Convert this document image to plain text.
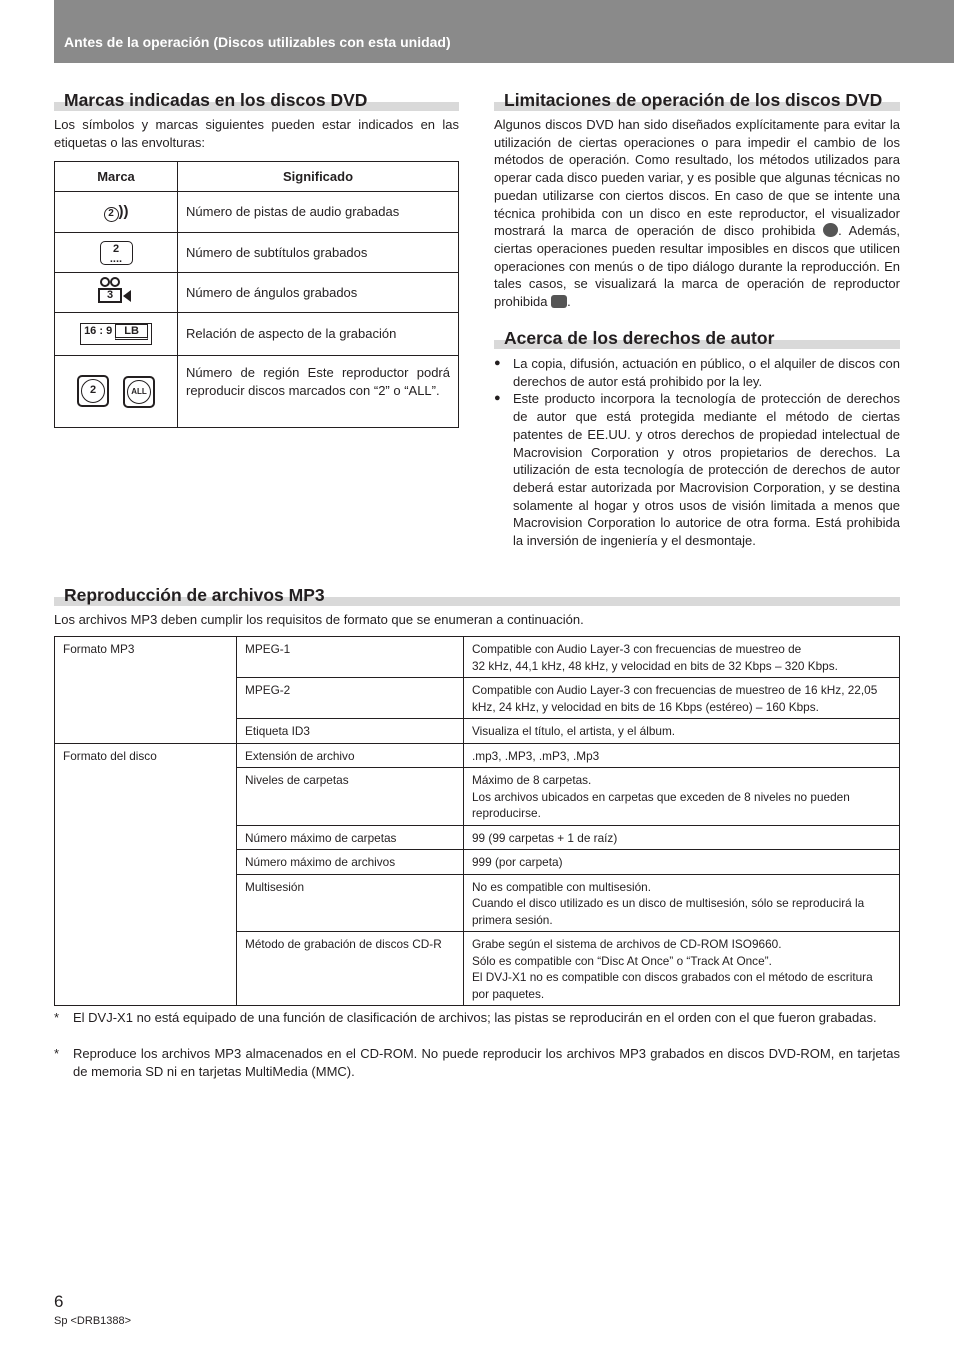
Antes de la operación (Discos utilizables con esta unidad)
Marcas indicadas en los discos DVD
Los símbolos y marcas siguientes pueden estar indicados en las etiquetas o las envolturas:
Marca	Significado
2 ))	Número de pistas de audio grabadas
2
....	Número de subtítulos grabados

3	Número de ángulos grabados
16 : 9 LB	Relación de aspecto de la grabación
2 ALL	Número de región Este reproductor podrá reproducir discos marcados con “2” o “ALL”.
Limitaciones de operación de los discos DVD
Algunos discos DVD han sido diseñados explícitamente para evitar la utilización de ciertas operaciones o para impedir el cambio de los métodos de operación. Como resultado, los métodos utilizados para operar cada disco pueden variar, y es posible que algunas técnicas no puedan utilizarse con ciertos discos. En caso de que se intente una técnica prohibida con un disco en este reproductor, el visualizador mostrará la marca de operación de disco prohibida . Además, ciertas operaciones pueden resultar imposibles en discos que utilicen operaciones con menús o de tipo diálogo durante la reproducción. En tales casos, se visualizará la marca de operación de reproductor prohibida .
Acerca de los derechos de autor
● La copia, difusión, actuación en público, o el alquiler de discos con derechos de autor está prohibido por la ley.
● Este producto incorpora la tecnología de protección de derechos de autor que está protegida mediante el método de ciertas patentes de EE.UU. y otros derechos de propiedad intelectual de Macrovision Corporation y otros propietarios de derechos. La utilización de esta tecnología de protección de derechos de autor deberá estar autorizada por Macrovision Corporation, y se destina solamente al hogar y otros usos de visión limitada a menos que Macrovision Corporation lo autorice de otra forma. Está prohibida la inversión de ingeniería y el desmontaje.
Reproducción de archivos MP3
Los archivos MP3 deben cumplir los requisitos de formato que se enumeran a continuación.
Formato MP3	MPEG-1	Compatible con Audio Layer-3 con frecuencias de muestreo de
32 kHz, 44,1 kHz, 48 kHz, y velocidad en bits de 32 Kbps – 320 Kbps.
	MPEG-2	Compatible con Audio Layer-3 con frecuencias de muestreo de 16 kHz, 22,05 kHz, 24 kHz, y velocidad en bits de 16 Kbps (estéreo) – 160 Kbps.
	Etiqueta ID3	Visualiza el título, el artista, y el álbum.
Formato del disco	Extensión de archivo	.mp3, .MP3, .mP3, .Mp3
	Niveles de carpetas	Máximo de 8 carpetas.
Los archivos ubicados en carpetas que exceden de 8 niveles no pueden reproducirse.
	Número máximo de carpetas	99 (99 carpetas + 1 de raíz)
	Número máximo de archivos	999 (por carpeta)
	Multisesión	No es compatible con multisesión.
Cuando el disco utilizado es un disco de multisesión, sólo se reproducirá la primera sesión.
	Método de grabación de discos CD-R	Grabe según el sistema de archivos de CD-ROM ISO9660.
Sólo es compatible con “Disc At Once” o “Track At Once”.
El DVJ-X1 no es compatible con discos grabados con el método de escritura por paquetes.
* El DVJ-X1 no está equipado de una función de clasificación de archivos; las pistas se reproducirán en el orden con el que fueron grabadas.
* Reproduce los archivos MP3 almacenados en el CD-ROM. No puede reproducir los archivos MP3 grabados en discos DVD-ROM, en tarjetas de memoria SD ni en tarjetas MultiMedia (MMC).
6
Sp <DRB1388>
